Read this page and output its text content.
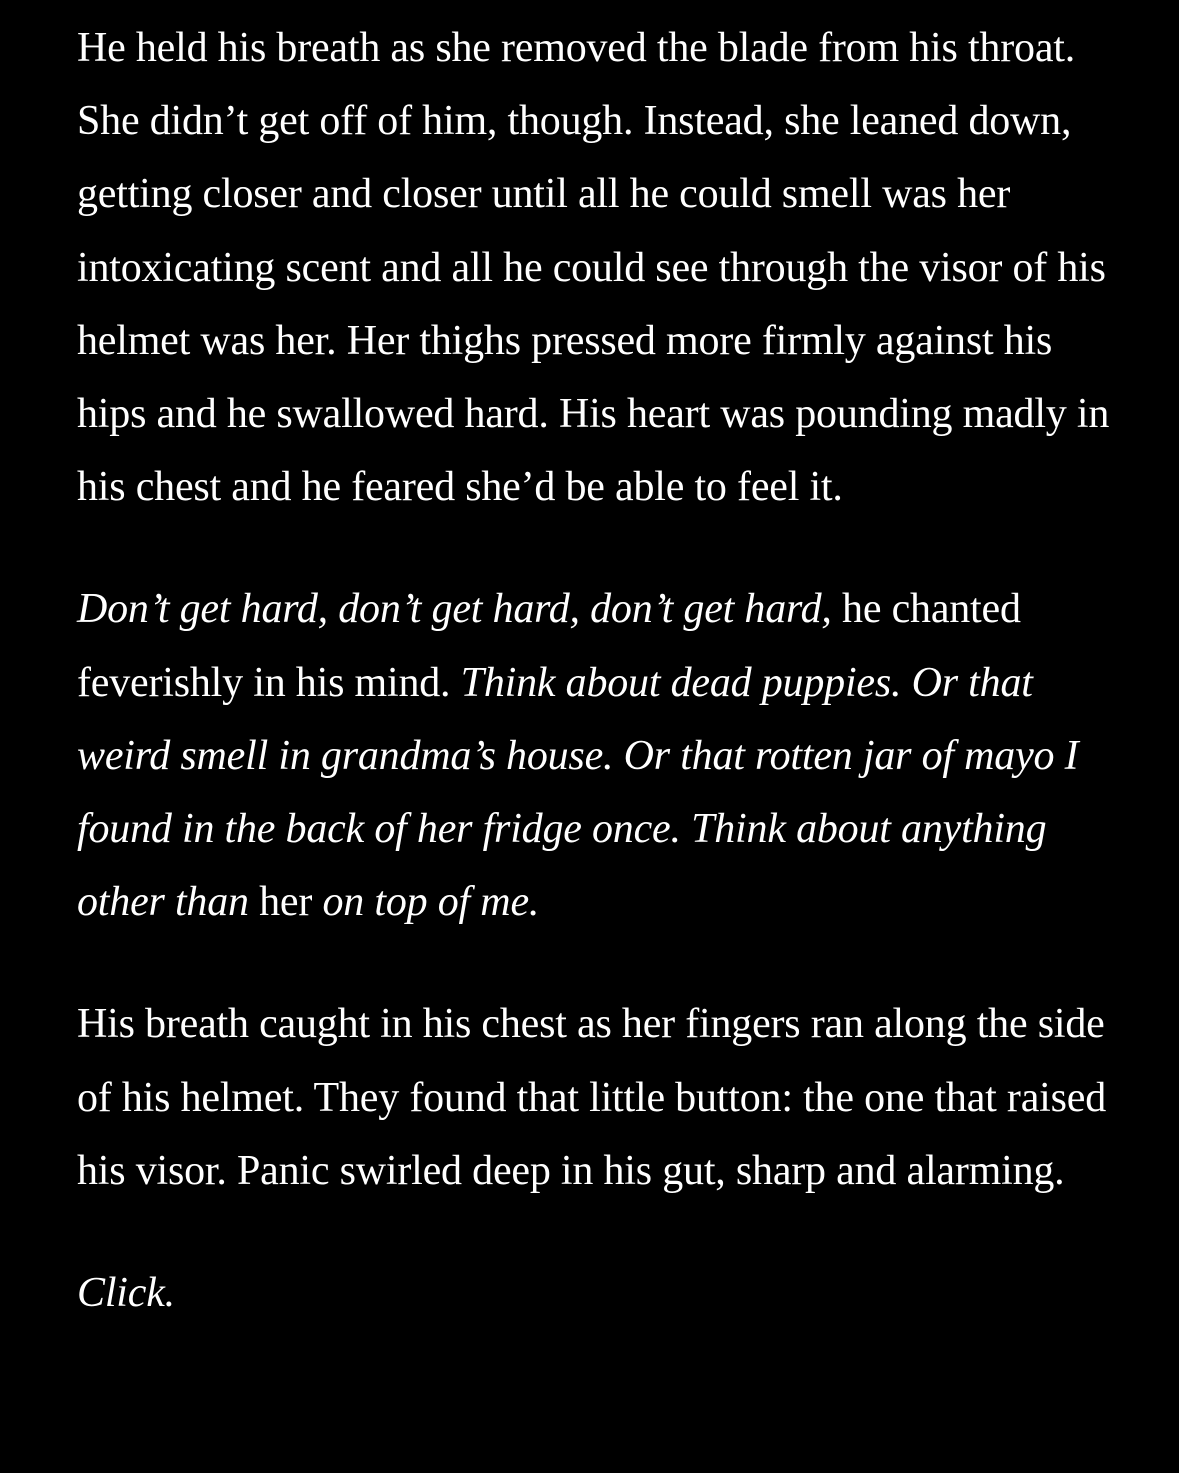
He held his breath as she removed the blade from his throat. She didn’t get off of him, though. Instead, she leaned down, getting closer and closer until all he could smell was her intoxicating scent and all he could see through the visor of his helmet was her. Her thighs pressed more firmly against his hips and he swallowed hard. His heart was pounding madly in his chest and he feared she’d be able to feel it.

Don’t get hard, don’t get hard, don’t get hard, he chanted feverishly in his mind. Think about dead puppies. Or that weird smell in grandma’s house. Or that rotten jar of mayo I found in the back of her fridge once. Think about anything other than her on top of me.

His breath caught in his chest as her fingers ran along the side of his helmet. They found that little button: the one that raised his visor. Panic swirled deep in his gut, sharp and alarming.

Click.
